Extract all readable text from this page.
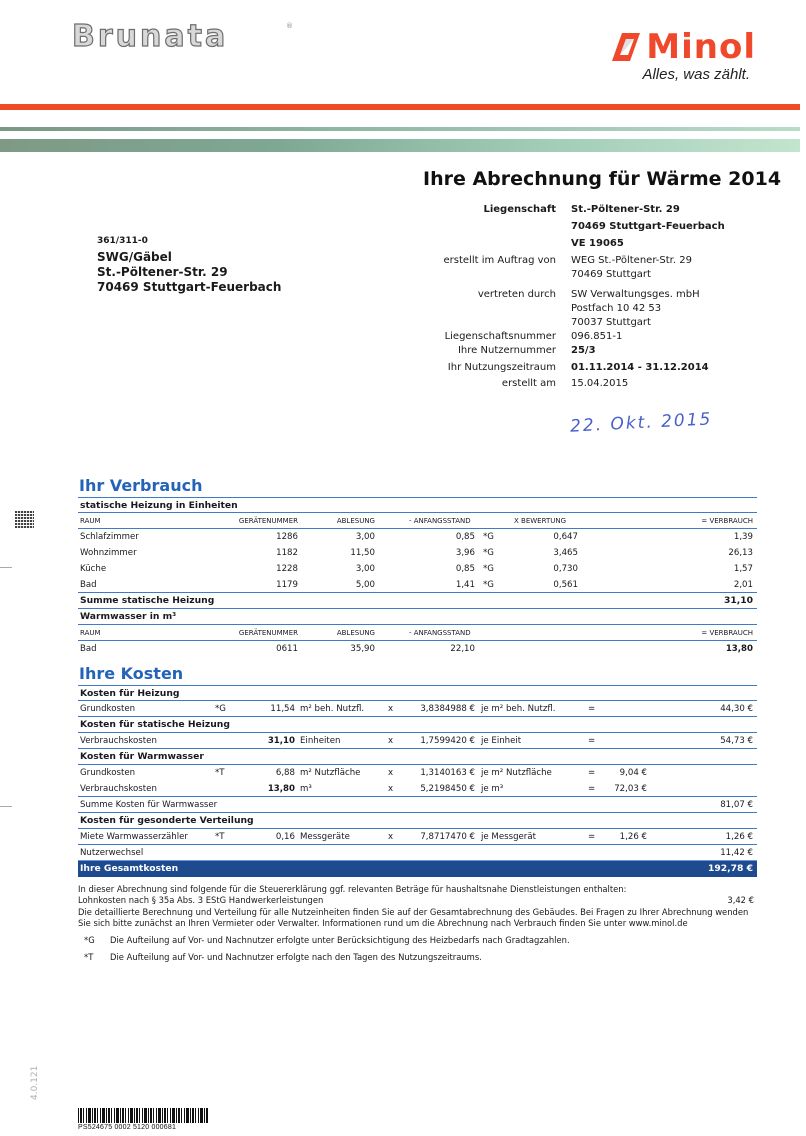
Brunata	®
Minol
Alles, was zählt.
Ihre Abrechnung für Wärme 2014
361/311-0
SWG/Gäbel
St.-Pöltener-Str. 29
70469 Stuttgart-Feuerbach
Liegenschaft	St.-Pöltener-Str. 29
70469 Stuttgart-Feuerbach
VE 19065
erstellt im Auftrag von	WEG St.-Pöltener-Str. 29
70469 Stuttgart
vertreten durch	SW Verwaltungsges. mbH
Postfach 10 42 53
70037 Stuttgart
Liegenschaftsnummer	096.851-1
Ihre Nutzernummer	25/3
Ihr Nutzungszeitraum	01.11.2014 - 31.12.2014
erstellt am	15.04.2015
22. Okt. 2015
Ihr Verbrauch
statische Heizung in Einheiten
RAUM	GERÄTENUMMER	ABLESUNG	- ANFANGSSTAND	X BEWERTUNG	= VERBRAUCH
Schlafzimmer	1286	3,00	0,85 *G	0,647	1,39
Wohnzimmer	1182	11,50	3,96 *G	3,465	26,13
Küche	1228	3,00	0,85 *G	0,730	1,57
Bad	1179	5,00	1,41 *G	0,561	2,01
Summe statische Heizung	31,10
Warmwasser in m³
RAUM	GERÄTENUMMER	ABLESUNG	- ANFANGSSTAND	= VERBRAUCH
Bad	0611	35,90	22,10	13,80
Ihre Kosten
Kosten für Heizung
Grundkosten	*G	11,54 m² beh. Nutzfl.	x	3,8384988 € je m² beh. Nutzfl.	=	44,30 €
Kosten für statische Heizung
Verbrauchskosten	31,10 Einheiten	x	1,7599420 € je Einheit	=	54,73 €
Kosten für Warmwasser
Grundkosten	*T	6,88 m² Nutzfläche	x	1,3140163 € je m² Nutzfläche	=	9,04 €
Verbrauchskosten	13,80 m³	x	5,2198450 € je m³	= 72,03 €
Summe Kosten für Warmwasser	81,07 €
Kosten für gesonderte Verteilung
Miete Warmwasserzähler	*T	0,16 Messgeräte	x	7,8717470 € je Messgerät	=	1,26 €	1,26 €
Nutzerwechsel	11,42 €
Ihre Gesamtkosten	192,78 €

In dieser Abrechnung sind folgende für die Steuererklärung ggf. relevanten Beträge für haushaltsnahe Dienstleistungen enthalten:

Lohnkosten nach § 35a Abs. 3 EStG Handwerkerleistungen	3,42 €

Die detaillierte Berechnung und Verteilung für alle Nutzeinheiten finden Sie auf der Gesamtabrechnung des Gebäudes. Bei Fragen zu Ihrer Abrechnung wenden

Sie sich bitte zunächst an Ihren Vermieter oder Verwalter. Informationen rund um die Abrechnung nach Verbrauch finden Sie unter www.minol.de

*G	Die Aufteilung auf Vor- und Nachnutzer erfolgte unter Berücksichtigung des Heizbedarfs nach Gradtagzahlen.
*T	Die Aufteilung auf Vor- und Nachnutzer erfolgte nach den Tagen des Nutzungszeitraums.
4.0.121
PS524675 0002 5120 000681
